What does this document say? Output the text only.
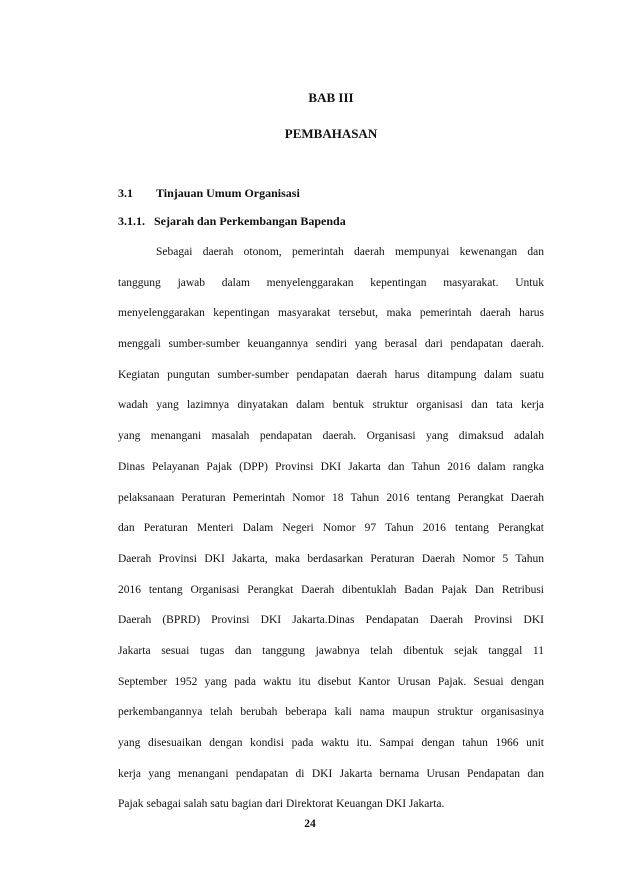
BAB III

PEMBAHASAN

3.1 Tinjauan Umum Organisasi

3.1.1. Sejarah dan Perkembangan Bapenda

Sebagai daerah otonom, pemerintah daerah mempunyai kewenangan dan
tanggung jawab dalam menyelenggarakan kepentingan masyarakat. Untuk
menyelenggarakan kepentingan masyarakat tersebut, maka pemerintah daerah harus
menggali sumber-sumber keuangannya sendiri yang berasal dari pendapatan daerah.
Kegiatan pungutan sumber-sumber pendapatan daerah harus ditampung dalam suatu
wadah yang lazimnya dinyatakan dalam bentuk struktur organisasi dan tata kerja
yang menangani masalah pendapatan daerah. Organisasi yang dimaksud adalah
Dinas Pelayanan Pajak (DPP) Provinsi DKI Jakarta dan Tahun 2016 dalam rangka
pelaksanaan Peraturan Pemerintah Nomor 18 Tahun 2016 tentang Perangkat Daerah
dan Peraturan Menteri Dalam Negeri Nomor 97 Tahun 2016 tentang Perangkat
Daerah Provinsi DKI Jakarta, maka berdasarkan Peraturan Daerah Nomor 5 Tahun
2016 tentang Organisasi Perangkat Daerah dibentuklah Badan Pajak Dan Retribusi
Daerah (BPRD) Provinsi DKI Jakarta.Dinas Pendapatan Daerah Provinsi DKI
Jakarta sesuai tugas dan tanggung jawabnya telah dibentuk sejak tanggal 11
September 1952 yang pada waktu itu disebut Kantor Urusan Pajak. Sesuai dengan
perkembangannya telah berubah beberapa kali nama maupun struktur organisasinya
yang disesuaikan dengan kondisi pada waktu itu. Sampai dengan tahun 1966 unit
kerja yang menangani pendapatan di DKI Jakarta bernama Urusan Pendapatan dan
Pajak sebagai salah satu bagian dari Direktorat Keuangan DKI Jakarta.

24
